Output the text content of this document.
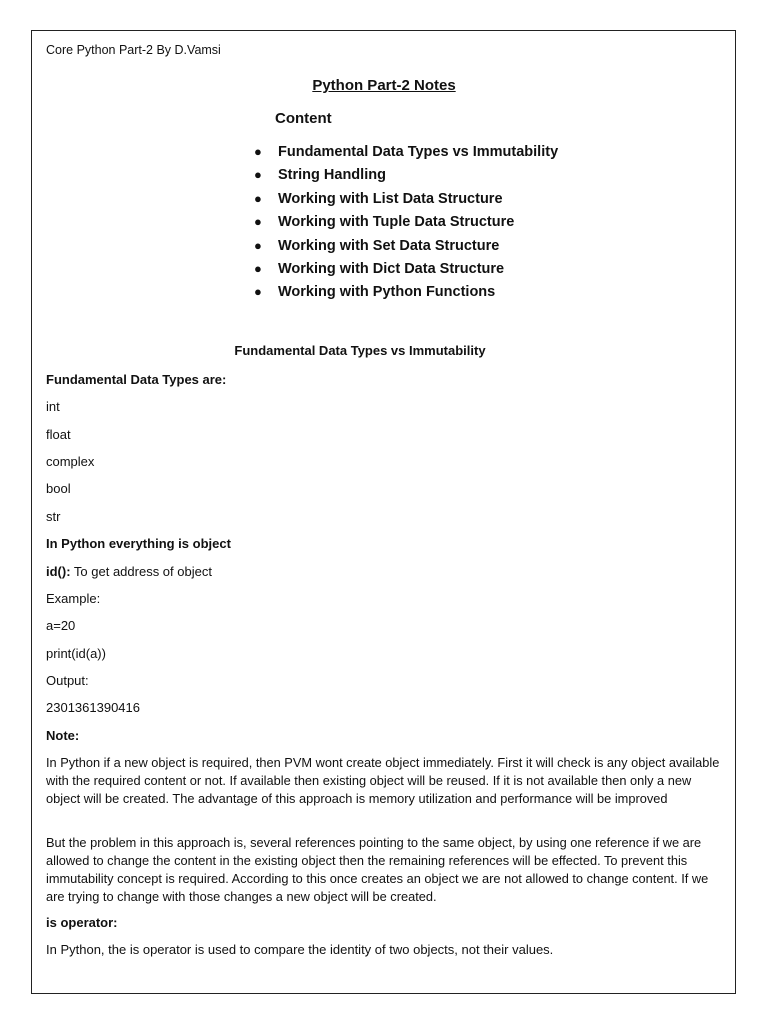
Core Python Part-2 By D.Vamsi
Python Part-2 Notes
Content
● Fundamental Data Types vs Immutability
● String Handling
● Working with List Data Structure
● Working with Tuple Data Structure
● Working with Set Data Structure
● Working with Dict Data Structure
● Working with Python Functions
Fundamental Data Types vs Immutability
Fundamental Data Types are:
int
float
complex
bool
str
In Python everything is object
id(): To get address of object
Example:
a=20
print(id(a))
Output:
2301361390416
Note:
In Python if a new object is required, then PVM wont create object immediately. First it will check is any object available with the required content or not. If available then existing object will be reused. If it is not available then only a new object will be created. The advantage of this approach is memory utilization and performance will be improved
But the problem in this approach is, several references pointing to the same object, by using one reference if we are allowed to change the content in the existing object then the remaining references will be effected. To prevent this immutability concept is required. According to this once creates an object we are not allowed to change content. If we are trying to change with those changes a new object will be created.
is operator:
In Python, the is operator is used to compare the identity of two objects, not their values.
